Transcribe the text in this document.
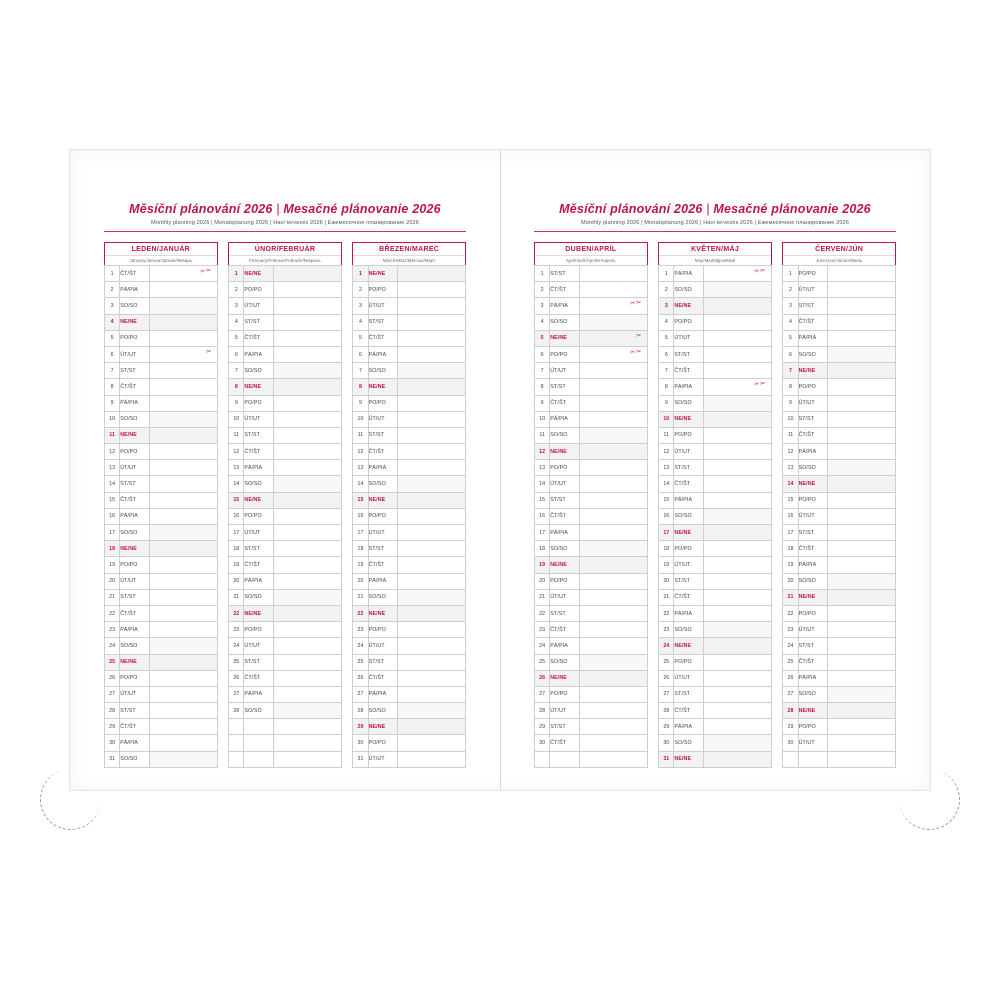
Měsíční plánování 2026 | Mesačné plánovanie 2026
Monthly planning 2026 | Monatsplanung 2026 | Havi tervezés 2026 | Ежемесячное планирование 2026
LEDEN/JANUÁR
January/Januar/Január/Январь
1	ČT/ŠT	✂✂

2	PÁ/PIA	
3	SO/SO	
4	NE/NE	
5	PO/PO	
6	ÚT/UT	✂

7	ST/ST	
8	ČT/ŠT	
9	PÁ/PIA	
10	SO/SO	
11	NE/NE	
12	PO/PO	
13	ÚT/UT	
14	ST/ST	
15	ČT/ŠT	
16	PÁ/PIA	
17	SO/SO	
18	NE/NE	
19	PO/PO	
20	ÚT/UT	
21	ST/ST	
22	ČT/ŠT	
23	PÁ/PIA	
24	SO/SO	
25	NE/NE	
26	PO/PO	
27	ÚT/UT	
28	ST/ST	
29	ČT/ŠT	
30	PÁ/PIA	
31	SO/SO	
ÚNOR/FEBRUÁR
February/Februar/Február/Февраль
1	NE/NE	
2	PO/PO	
3	ÚT/UT	
4	ST/ST	
5	ČT/ŠT	
6	PÁ/PIA	
7	SO/SO	
8	NE/NE	
9	PO/PO	
10	ÚT/UT	
11	ST/ST	
12	ČT/ŠT	
13	PÁ/PIA	
14	SO/SO	
15	NE/NE	
16	PO/PO	
17	ÚT/UT	
18	ST/ST	
19	ČT/ŠT	
20	PÁ/PIA	
21	SO/SO	
22	NE/NE	
23	PO/PO	
24	ÚT/UT	
25	ST/ST	
26	ČT/ŠT	
27	PÁ/PIA	
28	SO/SO	

BŘEZEN/MAREC
March/März/Március/Март
1	NE/NE	
2	PO/PO	
3	ÚT/UT	
4	ST/ST	
5	ČT/ŠT	
6	PÁ/PIA	
7	SO/SO	
8	NE/NE	
9	PO/PO	
10	ÚT/UT	
11	ST/ST	
12	ČT/ŠT	
13	PÁ/PIA	
14	SO/SO	
15	NE/NE	
16	PO/PO	
17	ÚT/UT	
18	ST/ST	
19	ČT/ŠT	
20	PÁ/PIA	
21	SO/SO	
22	NE/NE	
23	PO/PO	
24	ÚT/UT	
25	ST/ST	
26	ČT/ŠT	
27	PÁ/PIA	
28	SO/SO	
29	NE/NE	
30	PO/PO	
31	ÚT/UT	
Měsíční plánování 2026 | Mesačné plánovanie 2026
Monthly planning 2026 | Monatsplanung 2026 | Havi tervezés 2026 | Ежемесячное планирование 2026
DUBEN/APRÍL
April/April/Április/Апрель
1	ST/ST	
2	ČT/ŠT	
3	PÁ/PIA	✂✂

4	SO/SO	
5	NE/NE	✂

6	PO/PO	✂✂

7	ÚT/UT	
8	ST/ST	
9	ČT/ŠT	
10	PÁ/PIA	
11	SO/SO	
12	NE/NE	
13	PO/PO	
14	ÚT/UT	
15	ST/ST	
16	ČT/ŠT	
17	PÁ/PIA	
18	SO/SO	
19	NE/NE	
20	PO/PO	
21	ÚT/UT	
22	ST/ST	
23	ČT/ŠT	
24	PÁ/PIA	
25	SO/SO	
26	NE/NE	
27	PO/PO	
28	ÚT/UT	
29	ST/ST	
30	ČT/ŠT	

KVĚTEN/MÁJ
May/Mai/Május/Май
1	PÁ/PIA	✂✂

2	SO/SO	
3	NE/NE	
4	PO/PO	
5	ÚT/UT	
6	ST/ST	
7	ČT/ŠT	
8	PÁ/PIA	✂✂

9	SO/SO	
10	NE/NE	
11	PO/PO	
12	ÚT/UT	
13	ST/ST	
14	ČT/ŠT	
15	PÁ/PIA	
16	SO/SO	
17	NE/NE	
18	PO/PO	
19	ÚT/UT	
20	ST/ST	
21	ČT/ŠT	
22	PÁ/PIA	
23	SO/SO	
24	NE/NE	
25	PO/PO	
26	ÚT/UT	
27	ST/ST	
28	ČT/ŠT	
29	PÁ/PIA	
30	SO/SO	
31	NE/NE	
ČERVEN/JÚN
June/Juni/Június/Июнь
1	PO/PO	
2	ÚT/UT	
3	ST/ST	
4	ČT/ŠT	
5	PÁ/PIA	
6	SO/SO	
7	NE/NE	
8	PO/PO	
9	ÚT/UT	
10	ST/ST	
11	ČT/ŠT	
12	PÁ/PIA	
13	SO/SO	
14	NE/NE	
15	PO/PO	
16	ÚT/UT	
17	ST/ST	
18	ČT/ŠT	
19	PÁ/PIA	
20	SO/SO	
21	NE/NE	
22	PO/PO	
23	ÚT/UT	
24	ST/ST	
25	ČT/ŠT	
26	PÁ/PIA	
27	SO/SO	
28	NE/NE	
29	PO/PO	
30	ÚT/UT	
